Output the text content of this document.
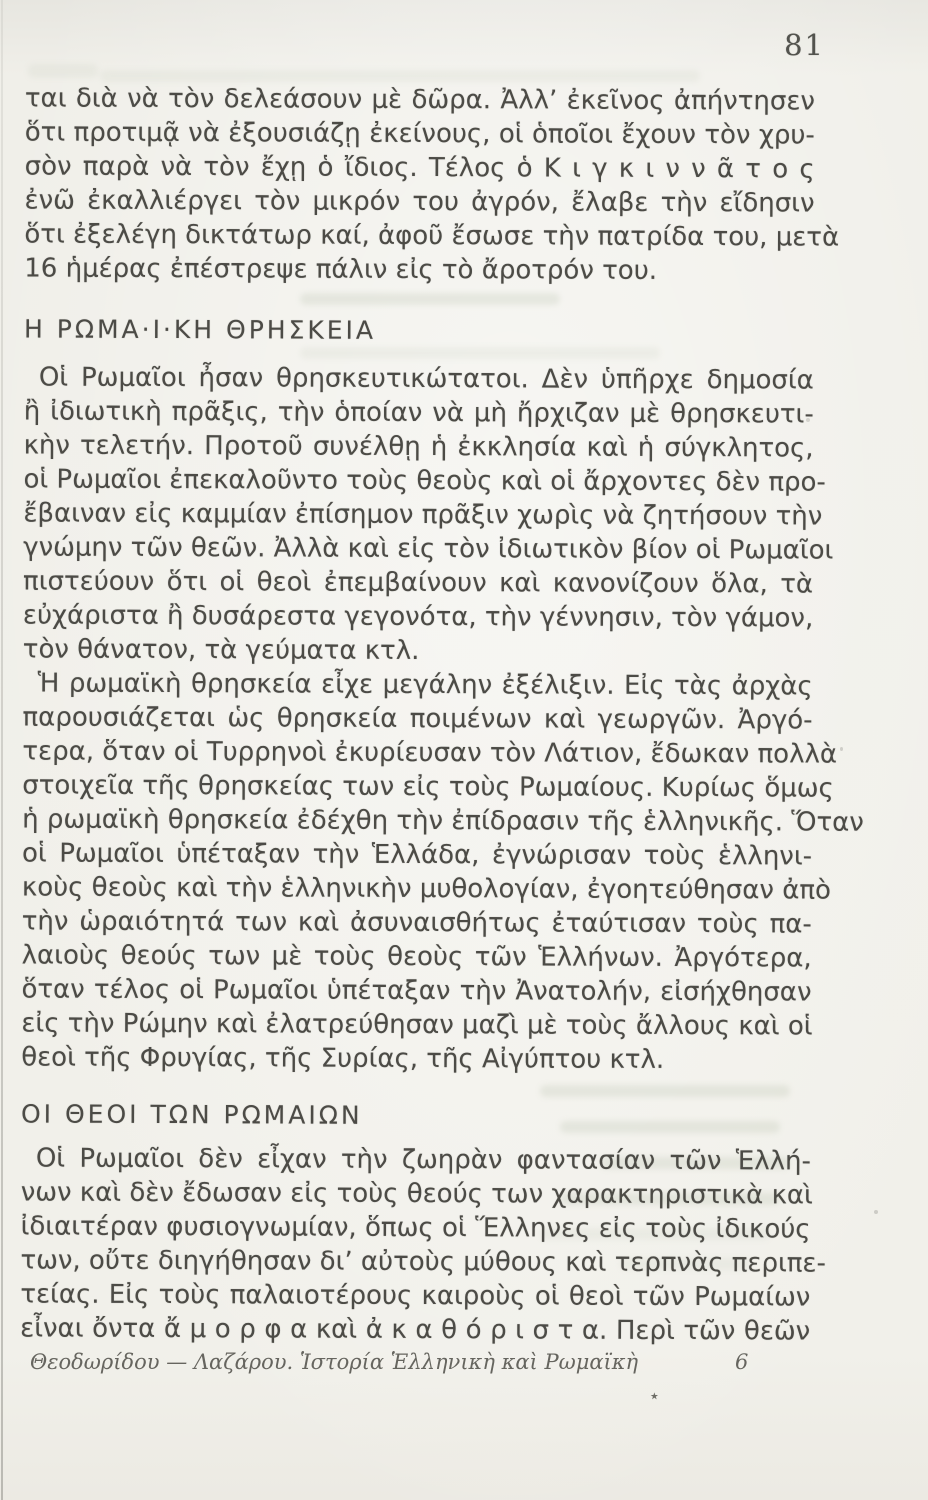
81
ται διὰ νὰ τὸν δελεάσουν μὲ δῶρα. Ἀλλ’ ἐκεῖνος ἀπήντησεν
ὅτι προτιμᾷ νὰ ἐξουσιάζῃ ἐκείνους, οἱ ὁποῖοι ἔχουν τὸν χρυ-
σὸν παρὰ νὰ τὸν ἔχῃ ὁ ἴδιος. Τέλος ὁ Κ ι γ κ ι ν ν ᾶ τ ο ς
ἐνῶ ἐκαλλιέργει τὸν μικρόν του ἀγρόν, ἔλαβε τὴν εἴδησιν
ὅτι ἐξελέγη δικτάτωρ καί, ἀφοῦ ἔσωσε τὴν πατρίδα του, μετὰ
16 ἡμέρας ἐπέστρεψε πάλιν εἰς τὸ ἄροτρόν του.
Η ΡΩΜΑ·Ι·ΚΗ ΘΡΗΣΚΕΙΑ
Οἱ Ρωμαῖοι ἦσαν θρησκευτικώτατοι. Δὲν ὑπῆρχε δημοσία
ἢ ἰδιωτικὴ πρᾶξις, τὴν ὁποίαν νὰ μὴ ἤρχιζαν μὲ θρησκευτι-
κὴν τελετήν. Προτοῦ συνέλθῃ ἡ ἐκκλησία καὶ ἡ σύγκλητος,
οἱ Ρωμαῖοι ἐπεκαλοῦντο τοὺς θεοὺς καὶ οἱ ἄρχοντες δὲν προ-
ἔβαιναν εἰς καμμίαν ἐπίσημον πρᾶξιν χωρὶς νὰ ζητήσουν τὴν
γνώμην τῶν θεῶν. Ἀλλὰ καὶ εἰς τὸν ἰδιωτικὸν βίον οἱ Ρωμαῖοι
πιστεύουν ὅτι οἱ θεοὶ ἐπεμβαίνουν καὶ κανονίζουν ὅλα, τὰ
εὐχάριστα ἢ δυσάρεστα γεγονότα, τὴν γέννησιν, τὸν γάμον,
τὸν θάνατον, τὰ γεύματα κτλ.
Ἡ ρωμαϊκὴ θρησκεία εἶχε μεγάλην ἐξέλιξιν. Εἰς τὰς ἀρχὰς
παρουσιάζεται ὡς θρησκεία ποιμένων καὶ γεωργῶν. Ἀργό-
τερα, ὅταν οἱ Τυρρηνοὶ ἐκυρίευσαν τὸν Λάτιον, ἔδωκαν πολλὰ
στοιχεῖα τῆς θρησκείας των εἰς τοὺς Ρωμαίους. Κυρίως ὅμως
ἡ ρωμαϊκὴ θρησκεία ἐδέχθη τὴν ἐπίδρασιν τῆς ἑλληνικῆς. Ὅταν
οἱ Ρωμαῖοι ὑπέταξαν τὴν Ἑλλάδα, ἐγνώρισαν τοὺς ἑλληνι-
κοὺς θεοὺς καὶ τὴν ἑλληνικὴν μυθολογίαν, ἐγοητεύθησαν ἀπὸ
τὴν ὡραιότητά των καὶ ἀσυναισθήτως ἐταύτισαν τοὺς πα-
λαιοὺς θεούς των μὲ τοὺς θεοὺς τῶν Ἑλλήνων. Ἀργότερα,
ὅταν τέλος οἱ Ρωμαῖοι ὑπέταξαν τὴν Ἀνατολήν, εἰσήχθησαν
εἰς τὴν Ρώμην καὶ ἐλατρεύθησαν μαζὶ μὲ τοὺς ἄλλους καὶ οἱ
θεοὶ τῆς Φρυγίας, τῆς Συρίας, τῆς Αἰγύπτου κτλ.
ΟΙ ΘΕΟΙ ΤΩΝ ΡΩΜΑΙΩΝ
Οἱ Ρωμαῖοι δὲν εἶχαν τὴν ζωηρὰν φαντασίαν τῶν Ἑλλή-
νων καὶ δὲν ἔδωσαν εἰς τοὺς θεούς των χαρακτηριστικὰ καὶ
ἰδιαιτέραν φυσιογνωμίαν, ὅπως οἱ Ἕλληνες εἰς τοὺς ἰδικούς
των, οὔτε διηγήθησαν δι’ αὐτοὺς μύθους καὶ τερπνὰς περιπε-
τείας. Εἰς τοὺς παλαιοτέρους καιροὺς οἱ θεοὶ τῶν Ρωμαίων
εἶναι ὄντα ἄ μ ο ρ φ α καὶ ἀ κ α θ ό ρ ι σ τ α. Περὶ τῶν θεῶν
Θεοδωρίδου — Λαζάρου. Ἱστορία Ἑλληνικὴ καὶ Ρωμαϊκὴ	6
٭
